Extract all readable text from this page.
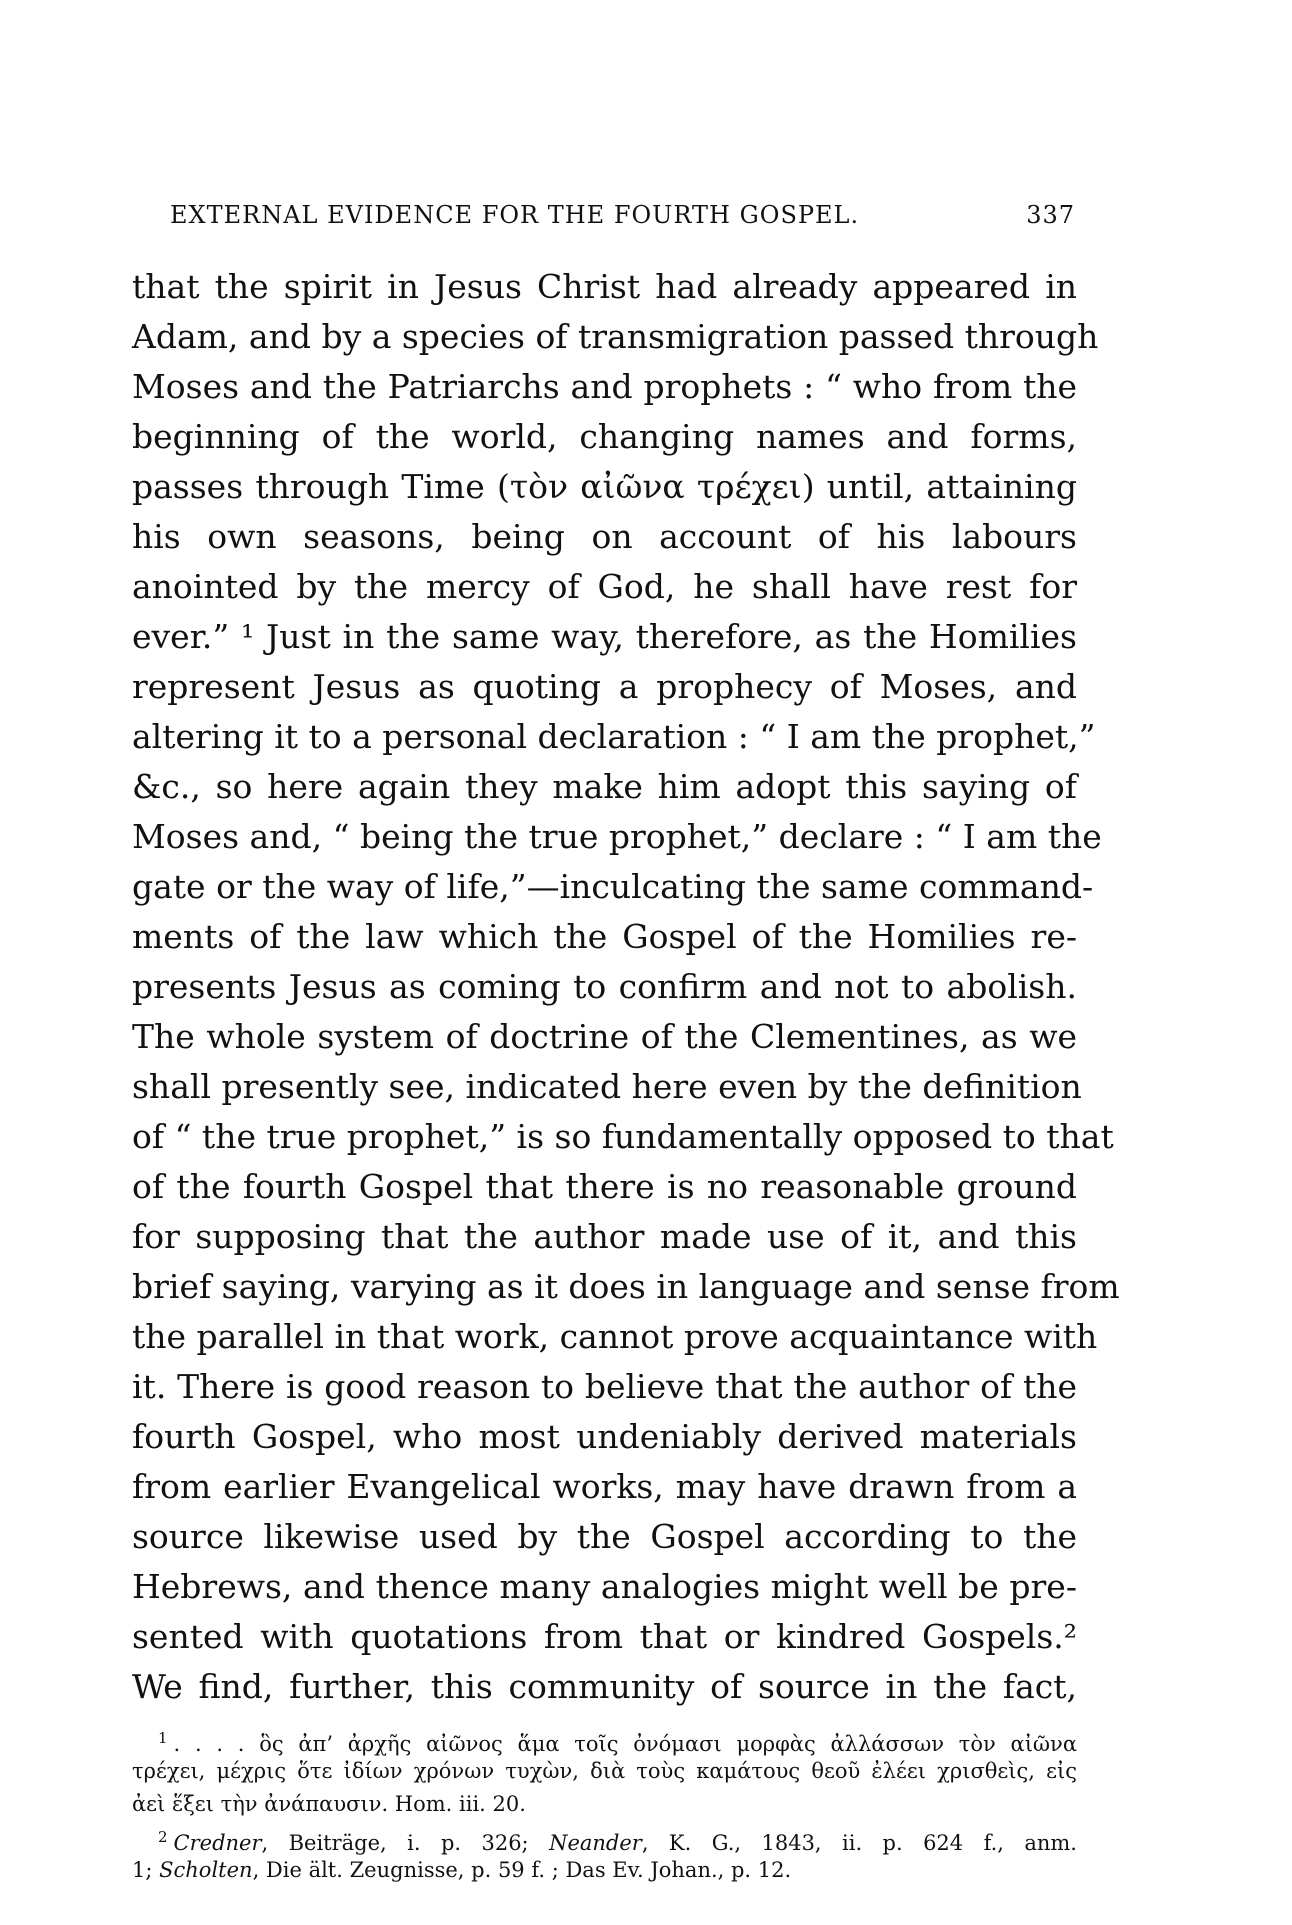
EXTERNAL EVIDENCE FOR THE FOURTH GOSPEL.	337
that the spirit in Jesus Christ had already appeared in
Adam, and by a species of transmigration passed through
Moses and the Patriarchs and prophets : “ who from the
beginning of the world, changing names and forms,
passes through Time (τὸν αἰῶνα τρέχει) until, attaining
his own seasons, being on account of his labours
anointed by the mercy of God, he shall have rest for
ever.” ¹ Just in the same way, therefore, as the Homilies
represent Jesus as quoting a prophecy of Moses, and
altering it to a personal declaration : “ I am the prophet,”
&c., so here again they make him adopt this saying of
Moses and, “ being the true prophet,” declare : “ I am the
gate or the way of life,”—inculcating the same command-
ments of the law which the Gospel of the Homilies re-
presents Jesus as coming to confirm and not to abolish.
The whole system of doctrine of the Clementines, as we
shall presently see, indicated here even by the definition
of “ the true prophet,” is so fundamentally opposed to that
of the fourth Gospel that there is no reasonable ground
for supposing that the author made use of it, and this
brief saying, varying as it does in language and sense from
the parallel in that work, cannot prove acquaintance with
it. There is good reason to believe that the author of the
fourth Gospel, who most undeniably derived materials
from earlier Evangelical works, may have drawn from a
source likewise used by the Gospel according to the
Hebrews, and thence many analogies might well be pre-
sented with quotations from that or kindred Gospels.²
We find, further, this community of source in the fact,
$^1$ . . . . ὃς ἀπ’ ἀρχῆς αἰῶνος ἅμα τοῖς ὀνόμασι μορφὰς ἀλλάσσων τὸν αἰῶνα
τρέχει, μέχρις ὅτε ἰδίων χρόνων τυχὼν, διὰ τοὺς καμάτους θεοῦ ἐλέει χρισθεὶς, εἰς
ἀεὶ ἕξει τὴν ἀνάπαυσιν. Hom. iii. 20.
$^2$ Credner, Beiträge, i. p. 326; Neander, K. G., 1843, ii. p. 624 f., anm.
1; Scholten, Die ält. Zeugnisse, p. 59 f. ; Das Ev. Johan., p. 12.
